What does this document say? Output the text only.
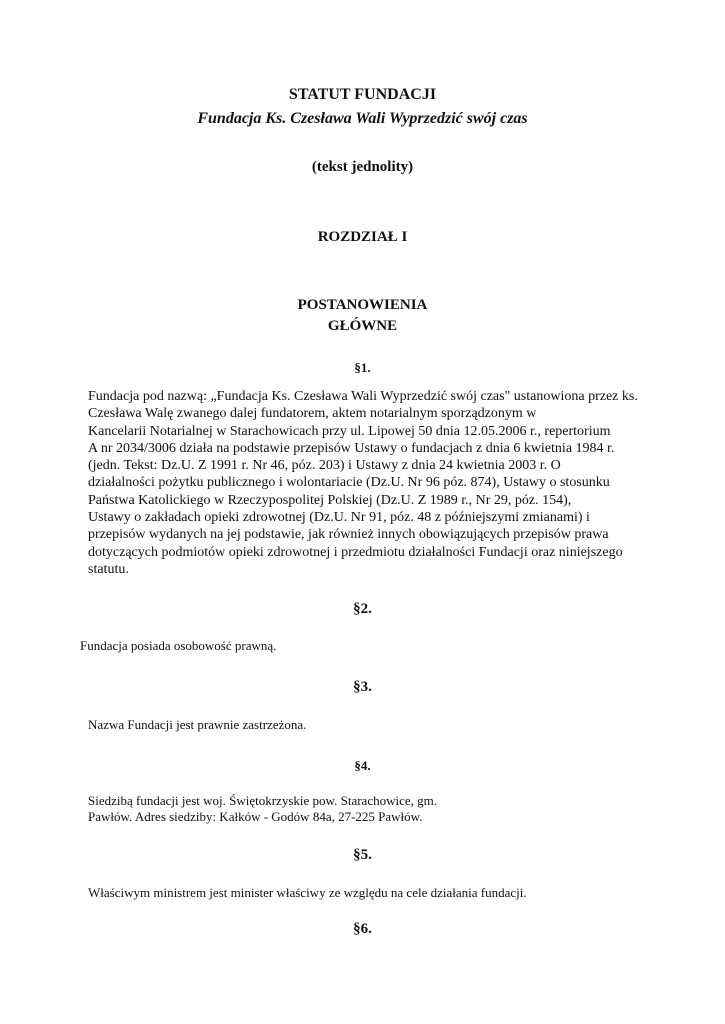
STATUT FUNDACJI
Fundacja Ks. Czesława Wali Wyprzedzić swój czas
(tekst jednolity)
ROZDZIAŁ I
POSTANOWIENIA
GŁÓWNE
§1.
Fundacja pod nazwą: „Fundacja Ks. Czesława Wali Wyprzedzić swój czas" ustanowiona przez ks.
Czesława Walę zwanego dalej fundatorem, aktem notarialnym sporządzonym w
Kancelarii Notarialnej w Starachowicach przy ul. Lipowej 50 dnia 12.05.2006 r., repertorium
A nr 2034/3006 działa na podstawie przepisów Ustawy o fundacjach z dnia 6 kwietnia 1984 r.
(jedn. Tekst: Dz.U. Z 1991 r. Nr 46, póz. 203) i Ustawy z dnia 24 kwietnia 2003 r. O
działalności pożytku publicznego i wolontariacie (Dz.U. Nr 96 póz. 874), Ustawy o stosunku
Państwa Katolickiego w Rzeczypospolitej Polskiej (Dz.U. Z 1989 r., Nr 29, póz. 154),
Ustawy o zakładach opieki zdrowotnej (Dz.U. Nr 91, póz. 48 z późniejszymi zmianami) i
przepisów wydanych na jej podstawie, jak również innych obowiązujących przepisów prawa
dotyczących podmiotów opieki zdrowotnej i przedmiotu działalności Fundacji oraz niniejszego
statutu.
§2.
Fundacja posiada osobowość prawną.
§3.
Nazwa Fundacji jest prawnie zastrzeżona.
§4.
Siedzibą fundacji jest woj. Świętokrzyskie pow. Starachowice, gm.
Pawłów. Adres siedziby: Kałków - Godów 84a, 27-225 Pawłów.
§5.
Właściwym ministrem jest minister właściwy ze względu na cele działania fundacji.
§6.
